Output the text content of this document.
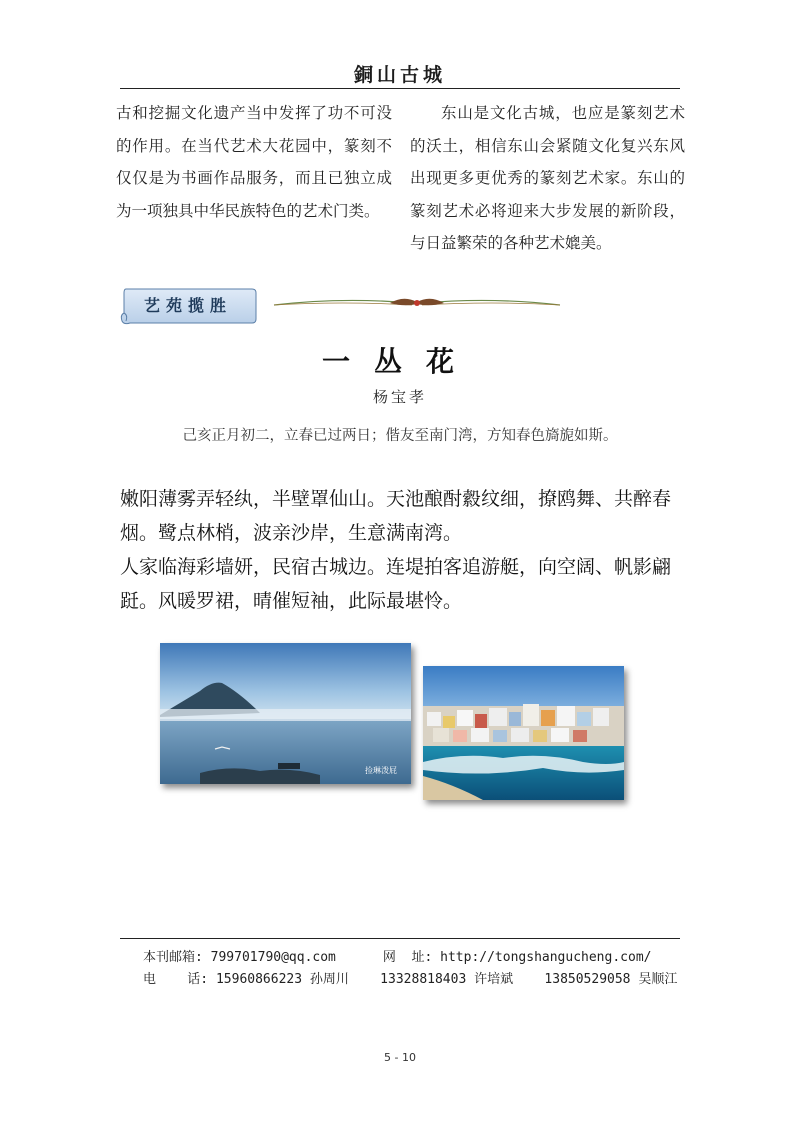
銅山古城

古和挖掘文化遗产当中发挥了功不可没的作用。在当代艺术大花园中，篆刻不仅仅是为书画作品服务，而且已独立成为一项独具中华民族特色的艺术门类。

东山是文化古城，也应是篆刻艺术的沃土，相信东山会紧随文化复兴东风出现更多更优秀的篆刻艺术家。东山的篆刻艺术必将迎来大步发展的新阶段，与日益繁荣的各种艺术媲美。

艺苑揽胜
一丛花
杨宝孝
己亥正月初二，立春已过两日；偕友至南门湾，方知春色旖旎如斯。

嫩阳薄雾弄轻纨，半壁罩仙山。天池酿酎縠纹细，撩鸥舞、共醉春烟。鹭点林梢，波亲沙岸，生意满南湾。

人家临海彩墙妍，民宿古城边。连堤拍客追游艇，向空阔、帆影翩跹。风暖罗裙，晴催短袖，此际最堪怜。

捡琳泼屁
本刊邮箱: 799701790@qq.com      网  址: http://tongshangucheng.com/
电    话: 15960866223 孙周川    13328818403 许培斌    13850529058 吴顺江
5 - 10
